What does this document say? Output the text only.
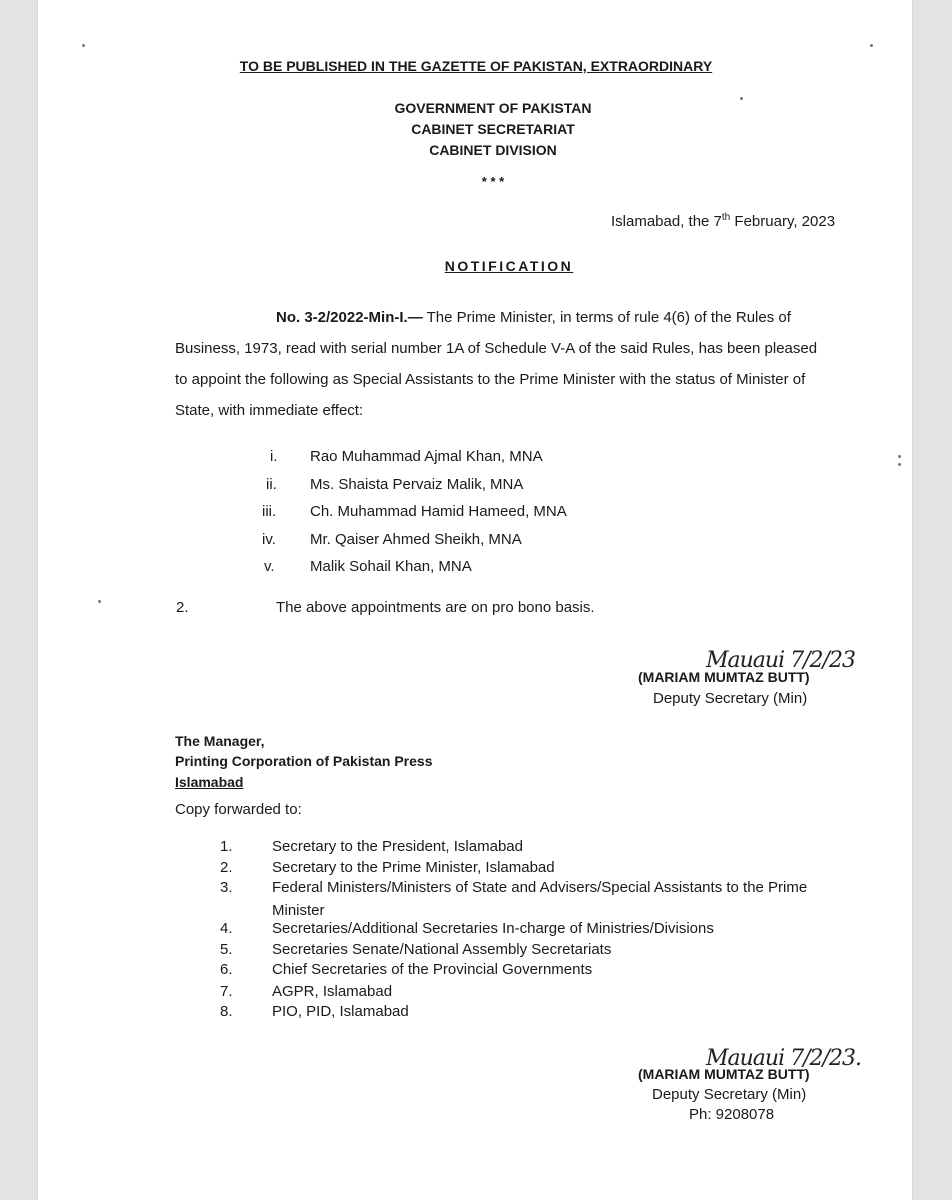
TO BE PUBLISHED IN THE GAZETTE OF PAKISTAN, EXTRAORDINARY
GOVERNMENT OF PAKISTAN
CABINET SECRETARIAT
CABINET DIVISION
* * *
Islamabad, the 7th February, 2023
NOTIFICATION
No. 3-2/2022-Min-I.— The Prime Minister, in terms of rule 4(6) of the Rules of
Business, 1973, read with serial number 1A of Schedule V-A of the said Rules, has been pleased
to appoint the following as Special Assistants to the Prime Minister with the status of Minister of
State, with immediate effect:
i. Rao Muhammad Ajmal Khan, MNA
ii. Ms. Shaista Pervaiz Malik, MNA
iii. Ch. Muhammad Hamid Hameed, MNA
iv. Mr. Qaiser Ahmed Sheikh, MNA
v. Malik Sohail Khan, MNA
2.	The above appointments are on pro bono basis.
Mauaui 7/2/23
(MARIAM MUMTAZ BUTT)
Deputy Secretary (Min)
The Manager,
Printing Corporation of Pakistan Press
Islamabad
Copy forwarded to:
1.	Secretary to the President, Islamabad
2.	Secretary to the Prime Minister, Islamabad
3.	Federal Ministers/Ministers of State and Advisers/Special Assistants to the Prime
Minister
4.	Secretaries/Additional Secretaries In-charge of Ministries/Divisions
5.	Secretaries Senate/National Assembly Secretariats
6.	Chief Secretaries of the Provincial Governments
7.	AGPR, Islamabad
8.	PIO, PID, Islamabad
Mauaui 7/2/23.
(MARIAM MUMTAZ BUTT)
Deputy Secretary (Min)
Ph: 9208078
